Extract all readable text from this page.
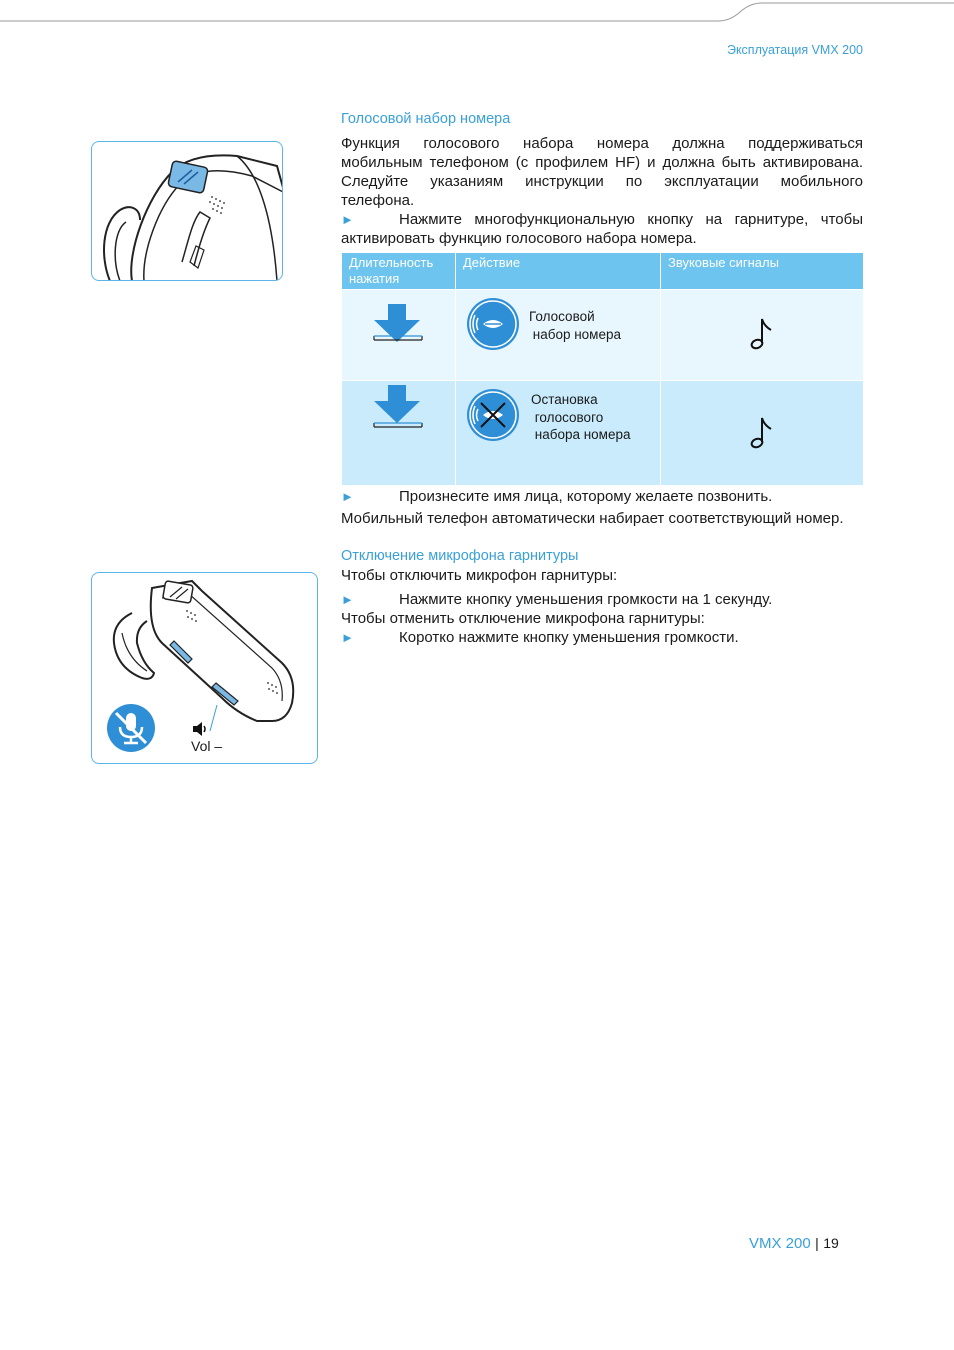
Эксплуатация VMX 200
Голосовой набор номера
Функция голосового набора номера должна поддерживаться
мобильным телефоном (с профилем HF) и должна быть активирована.
Следуйте указаниям инструкции по эксплуатации мобильного
телефона.
►	Нажмите многофункциональную кнопку на гарнитуре, чтобы
активировать функцию голосового набора номера.
Длительность нажатия	Действие	Звуковые сигналы

Голосовой
набор номера

Остановка
голосового
набора номера

►	Произнесите имя лица, которому желаете позвонить.
Мобильный телефон автоматически набирает соответствующий номер.
Отключение микрофона гарнитуры
Чтобы отключить микрофон гарнитуры:
►	Нажмите кнопку уменьшения громкости на 1 секунду.
Чтобы отменить отключение микрофона гарнитуры:
►	Коротко нажмите кнопку уменьшения громкости.
Vol –
VMX 200 | 19
